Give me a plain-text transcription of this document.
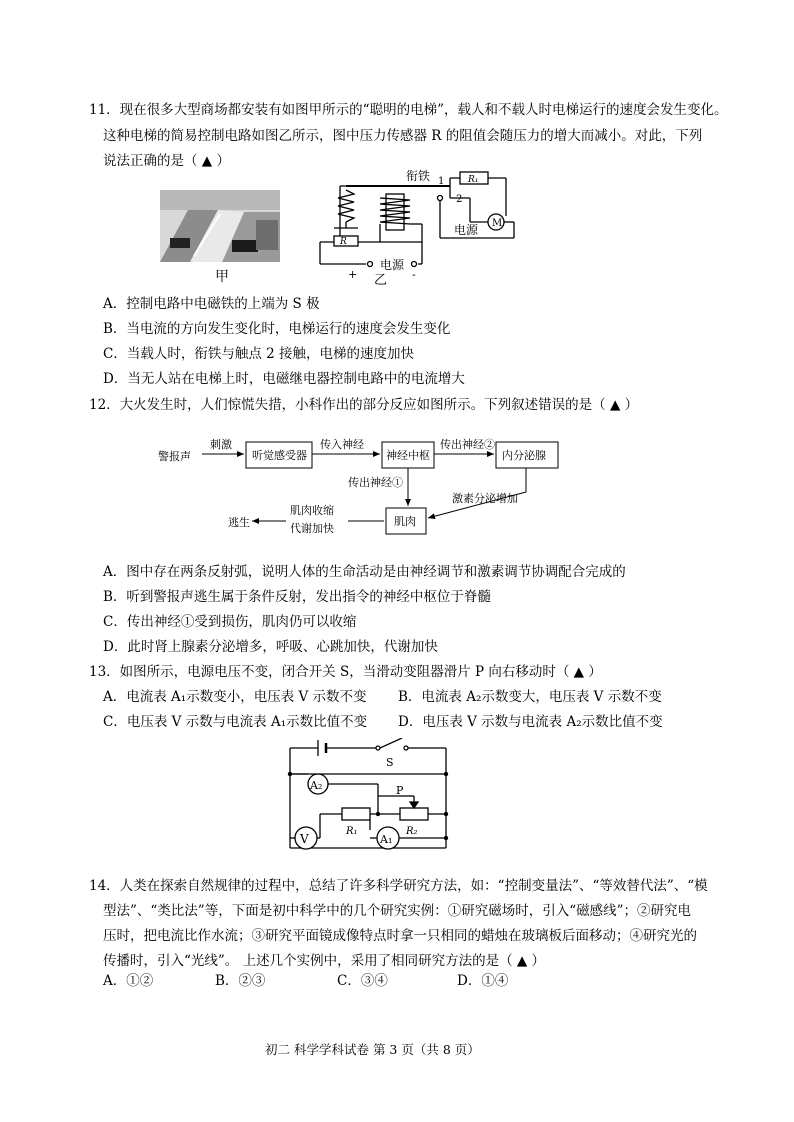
11．现在很多大型商场都安装有如图甲所示的“聪明的电梯”，载人和不载人时电梯运行的速度会发生变化。
这种电梯的简易控制电路如图乙所示，图中压力传感器 R 的阻值会随压力的增大而减小。对此，下列
说法正确的是（ ▲ ）
甲
衔铁 1
2
R₁
M
电源
R
+
电源
-
乙
A．控制电路中电磁铁的上端为 S 极
B．当电流的方向发生变化时，电梯运行的速度会发生变化
C．当载人时，衔铁与触点 2 接触，电梯的速度加快
D．当无人站在电梯上时，电磁继电器控制电路中的电流增大
12．大火发生时，人们惊慌失措，小科作出的部分反应如图所示。下列叙述错误的是（ ▲ ）
警报声
刺激
听觉感受器
传入神经
神经中枢
传出神经②
内分泌腺
传出神经①
激素分泌增加
肌肉
肌肉收缩
代谢加快
逃生
A．图中存在两条反射弧，说明人体的生命活动是由神经调节和激素调节协调配合完成的
B．听到警报声逃生属于条件反射，发出指令的神经中枢位于脊髓
C．传出神经①受到损伤，肌肉仍可以收缩
D．此时肾上腺素分泌增多，呼吸、心跳加快，代谢加快
13．如图所示，电源电压不变，闭合开关 S，当滑动变阻器滑片 P 向右移动时（ ▲ ）
A．电流表 A₁示数变小，电压表 V 示数不变 B．电流表 A₂示数变大，电压表 V 示数不变
C．电压表 V 示数与电流表 A₁示数比值不变 D．电压表 V 示数与电流表 A₂示数比值不变
S
P
A₂
V	A₁
R₁	R₂
14．人类在探索自然规律的过程中，总结了许多科学研究方法，如：“控制变量法”、“等效替代法”、“模
型法”、“类比法”等，下面是初中科学中的几个研究实例：①研究磁场时，引入“磁感线”；②研究电
压时，把电流比作水流；③研究平面镜成像特点时拿一只相同的蜡烛在玻璃板后面移动；④研究光的
传播时，引入“光线”。 上述几个实例中，采用了相同研究方法的是（ ▲ ）
A．①②	B．②③	C．③④	D．①④
初二 科学学科试卷 第 3 页（共 8 页）
